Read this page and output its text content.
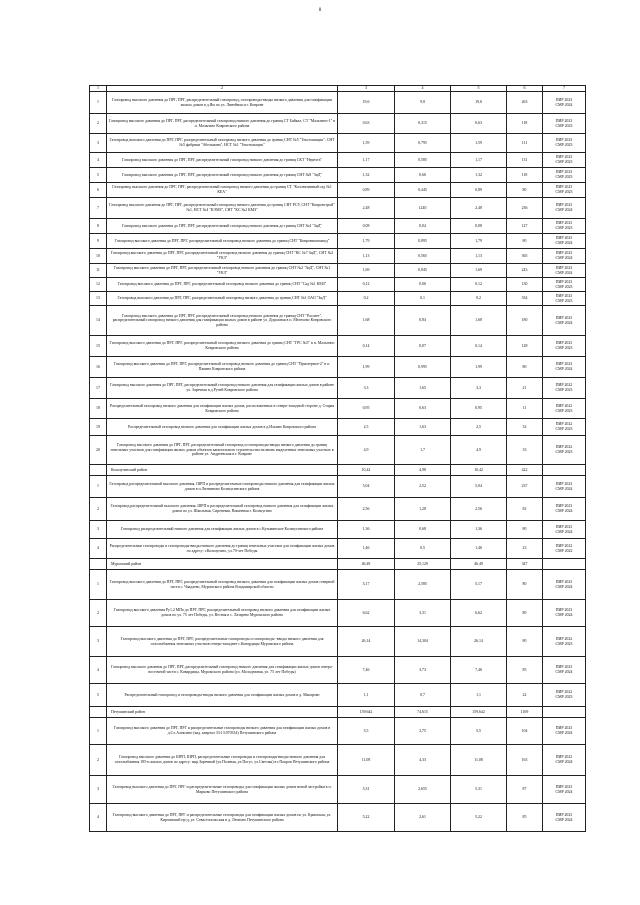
8
1	2	3	4	5	6	7
1	Газопровод высокого давления до ПРГ, ПРГ, распределительный газопровод, газопроводы-вводы низкого давления для газификации жилых домов в д.Ям по ул. Линейная и г. Коврове	19,6	9,8	19,6	263	ПИР 2023
СМР 2024
2	Газопровод высокого давления до ПРГ, ПРГ, распределительный газопровод низкого давления до границ СТ Байкал, СТ "Мальгино-1" в п. Мальгино Ковровского района	0,63	0,315	0,63	118	ПИР 2023
СМР 2023
3	Газопровод высокого давления до ПРГ, ПРГ, распределительный газопровод низкого давления до границ СНТ №5 "Текстильщик", СНТ №5 фабрики "Абельмана", НСТ №1 "Текстильщик"	1,59	0,795	1,59	111	ПИР 2023
СМР 2023
4	Газопровод высокого давления до ПРГ, ПРГ, распределительный газопровод низкого давления до границ СКТ "Нерехта"	1,17	0,585	1,17	131	ПИР 2023
СМР 2023
5	Газопровод высокого давления до ПРГ, ПРГ, распределительный газопровод низкого давления до границ СНТ №8 "ЗиД"	1,32	0,66	1,32	118	ПИР 2023
СМР 2023
6	Газопровод высокого давления до ПРГ, ПРГ, распределительный газопровод низкого давления до границ СТ "Коллективный сад №1 КЕА"	0,89	0,445	0,89	80	ПИР 2023
СМР 2023
7	Газопровод высокого давления до ПРГ, ПРГ, распределительный газопровод низкого давления до границ СНТ РСУ, СНТ "Ковровстрой" №1, НСТ №4 "КЭМЗ", СНТ "КС №2 КМЗ"	2,48	1240	2,48	236	ПИР 2023
СМР 2024
8	Газопровод высокого давления до ПРГ, ПРГ, распределительный газопровод низкого давления до границ СНТ №4 "ЗиД"	0,08	0,04	0,08	127	ПИР 2023
СМР 2023
9	Газопровод высокого давления до ПРГ, ПРГ, распределительный газопровод низкого давления до границ СНТ "Ковровмашзавод"	1,79	0,895	1,79	80	ПИР 2023
СМР 2024
10	Газопровод высокого давления до ПРГ, ПРГ, распределительный газопровод низкого давления до границ СНТ "КС №7 ЗиД", СНТ №2 "УКЗ"	1,13	0,565	1,13	365	ПИР 2023
СМР 2024
11	Газопровод высокого давления до ПРГ, ПРГ, распределительный газопровод низкого давления до границ СНТ №2 "ЗиД", СНТ №1 "УКЗ"	1,69	0,845	1,69	243	ПИР 2023
СМР 2024
12	Газопровод высокого давления до ПРГ, ПРГ, распределительный газопровод низкого давления до границ СНТ "Сад №1 КМЗ"	0,12	0,06	0,12	130	ПИР 2023
СМР 2023
13	Газопровод высокого давления до ПРГ, ПРГ, распределительный газопровод низкого давления до границ СНТ №1 ОАО "ЗиД"	0,2	0,1	0,2	334	ПИР 2023
СМР 2023
14	Газопровод высокого давления до ПРГ, ПРГ, распределительный газопровод низкого давления до границ СНТ "Рассвет", распределительный газопровод низкого давления для газификации жилых домов в районе ул. Дорожная в п. Мелехово Ковровского района	1,68	0,84	1,68	180	ПИР 2023
СМР 2024
15	Газопровод высокого давления до ПРГ, ПРГ, распределительный газопровод низкого давления до границ СНТ "ГРС №5" в п. Мальгино Ковровского района	0,14	0,07	0,14	128	ПИР 2023
СМР 2023
16	Газопровод высокого давления до ПРГ, ПРГ, распределительный газопровод низкого давления до границ СНТ "Приозерное-2" в п. Пакино Ковровского района	1,99	0,995	1,99	80	ПИР 2023
СМР 2024
17	Газопровод высокого давления до ПРГ, ПРГ, распределительный газопровод низкого давления для газификации жилых домов в районе ул. Заречная в д.Ручей Ковровского района	3,3	1,65	3,3	21	ПИР 2022
СМР 2023
18	Распределительный газопровод низкого давления для газификации жилых домов, расположенных в северо-западной стороне д. Старая Ковровского района	0,95	0,63	0,95	11	ПИР 2022
СМР 2023
19	Распределительный газопровод низкого давления для газификации жилых домов в д.Ильино Ковровского района	2,5	1,63	2,5	32	ПИР 2022
СМР 2023
20	Газопровод высокого давления до ПРГ, ПРГ, распределительный газопровод и газопроводы-вводы низкого давления до границ земельных участков для газификации жилых домов объектов капитального строительства на вновь выделенных земельных участках в районе ул. Андреевская в г. Коврове	4,9	1,7	4,9	33	ПИР 2022
СМР 2023
	Кольчугинский район	10,42	4,98	10,42	422	
1	Газопровод распределительный высокого давления, ШРП и распределительные газопроводы низкого давления для газификации жилых домов в п.Литвиново Кольчугинского района	5,04	2,52	5,04	237	ПИР 2023
СМР 2024
2	Газопровод распределительный высокого давления, ШРП и распределительный газопровод низкого давления для газификации жилых домов по ул. Школьная, Сиреневая, Вишневая г. Кольчугино	2,56	1,28	2,56	82	ПИР 2023
СМР 2024
3	Газопровод распределительный низкого давления для газификации жилых домов в с.Кузьминское Кольчугинского района	1,36	0,68	1,36	80	ПИР 2023
СМР 2024
4	Распределительные газопроводы и газопроводы-вводы низкого давления до границ земельных участков для газификации жилых домов по адресу: г.Кольчугино, ул.70-лет Победы	1,46	0,5	1,46	23	ПИР 2022
СМР 2022
	Муромский район	46,49	25,129	46,49	347	
1	Газопровод высокого давления до ПРГ, ПРГ, распределительный газопровод низкого давления для газификации жилых домов северной части с. Чаадаево, Муромского района Владимирской области	5,17	2,585	5,17	80	ПИР 2023
СМР 2024
2	Газопровод высокого давления Ру1,2 МПа до ПРГ, ПРГ, распределительный газопровод низкого давления для газификации жилых домов по ул. 75 лет Победы, ул. Весная в с. Лазарево Муромского района	6,62	3,31	6,62	80	ПИР 2023
СМР 2024
3	Газопровод высокого давления до ПРГ, ПРГ, распределительные газопроводы и газопроводы -вводы низкого давления для газоснабжения земельных участков северо-западнее с.Ковардицы Муромского района	26,14	14,304	26,14	80	ПИР 2022
СМР 2023
4	Газопровод высокого давления до ПРГ, ПРГ, распределительный газопровод низкого давления для газификации жилых домов северо-восточной части с. Ковардицы, Муромского района (ул. Молодежная, ул. 75 лет Победы)	7,46	3,73	7,46	85	ПИР 2023
СМР 2024
5	Распределительный газопровод и газопроводы-вводы низкого давления для газификации жилых домов в д. Макарово	1,1	0,7	1,1	22	ПИР 2022
СМР 2023
	Петушинский район	159,642	74,615	159,642	1169	
1	Газопровод высокого давления до ПРГ, ПРГ и распределительные газопроводы низкого давления для газификации жилых домов в д.Сл.Алексино (кад. квартал 33:13:070334) Петушинского района	5,5	2,75	5,5	104	ПИР 2023
СМР 2024
2	Газопровод высокого давления до ШРП, ШРП, распределительные газопроводы и газопроводы-вводы низкого давления для газоснабжения 185-и жилых домов по адресу: мкр.Заречный (ул.Полевая, ул.Погус, ул.Светлая) в г.Покров Петушинского района	11,08	4,33	11,08	163	ПИР 2022
СМР 2024
3	Газопровод высокого давления до ПРГ, ПРГ и распределительные газопроводы для газификации жилых домов новой застройки в п. Марково Петушинского района	5,31	2,655	5,31	87	ПИР 2023
СМР 2024
4	Газопровод высокого давления до ПРГ, ПРГ и распределительные газопроводы для газификации жилых домов по ул. Крымская, ул. Кирчанский пр-д, ул. Севастопольская в д. Леоново Петушинского района	5,22	2,61	5,22	85	ПИР 2023
СМР 2024
